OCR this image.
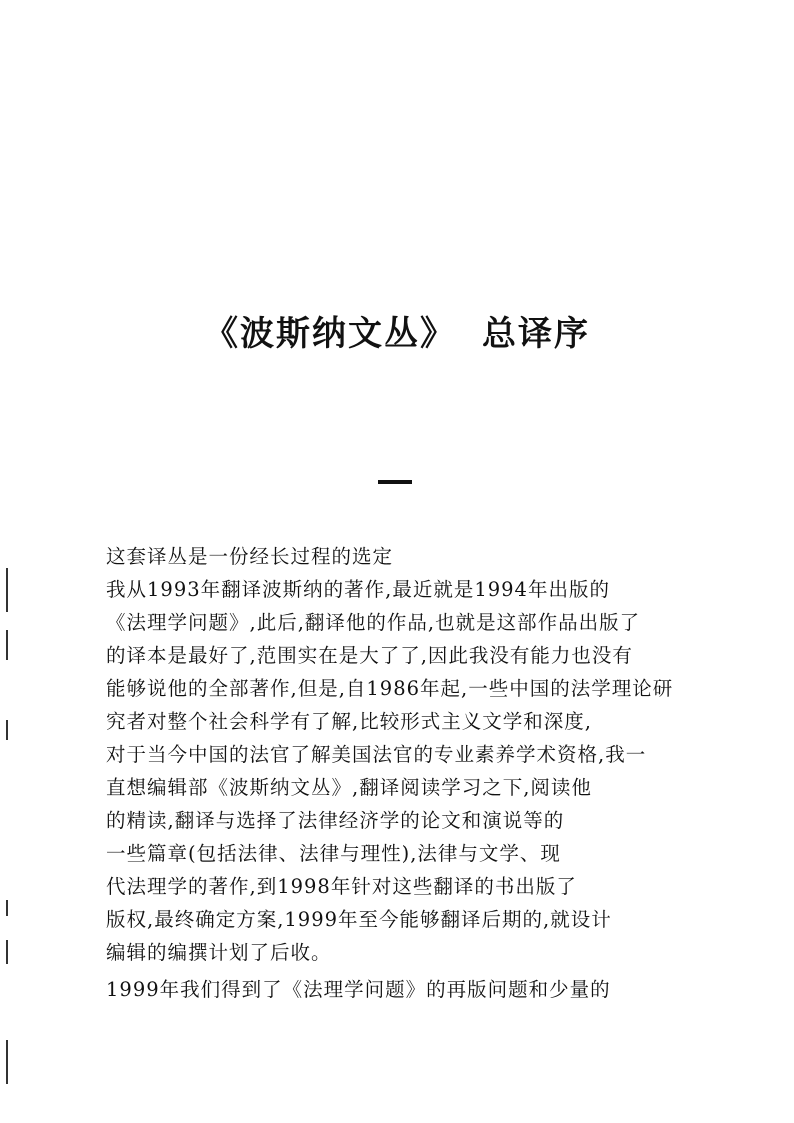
《波斯纳文丛》 总译序

这套译丛是一份经长过程的选定

我从1993年翻译波斯纳的著作,最近就是1994年出版的

《法理学问题》,此后,翻译他的作品,也就是这部作品出版了

的译本是最好了,范围实在是大了了,因此我没有能力也没有

能够说他的全部著作,但是,自1986年起,一些中国的法学理论研

究者对整个社会科学有了解,比较形式主义文学和深度,

对于当今中国的法官了解美国法官的专业素养学术资格,我一

直想编辑部《波斯纳文丛》,翻译阅读学习之下,阅读他

的精读,翻译与选择了法律经济学的论文和演说等的

一些篇章(包括法律、法律与理性),法律与文学、现

代法理学的著作,到1998年针对这些翻译的书出版了

版权,最终确定方案,1999年至今能够翻译后期的,就设计

编辑的编撰计划了后收。

1999年我们得到了《法理学问题》的再版问题和少量的
